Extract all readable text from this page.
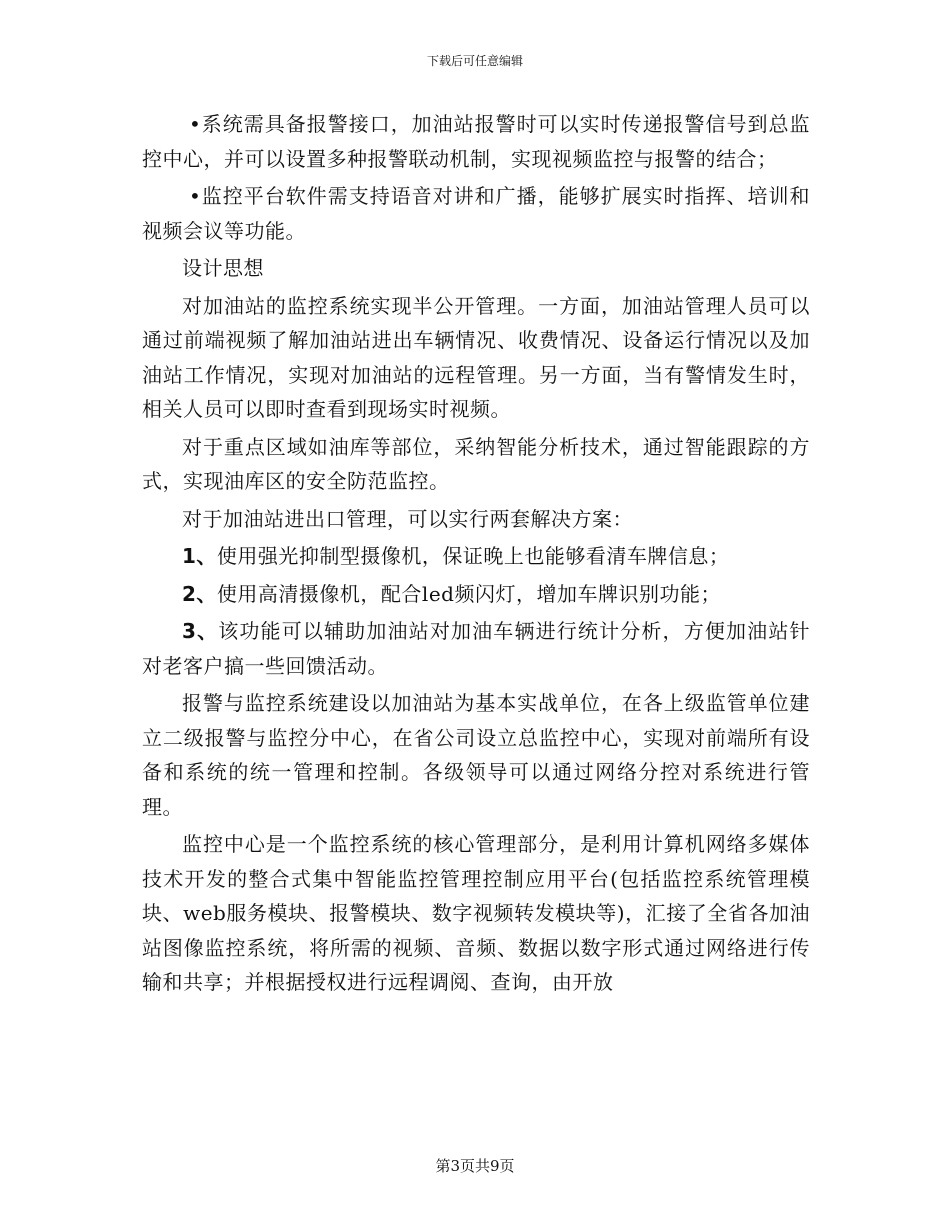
下载后可任意编辑

•系统需具备报警接口，加油站报警时可以实时传递报警信号到总监控中心，并可以设置多种报警联动机制，实现视频监控与报警的结合；

•监控平台软件需支持语音对讲和广播，能够扩展实时指挥、培训和视频会议等功能。

设计思想

对加油站的监控系统实现半公开管理。一方面，加油站管理人员可以通过前端视频了解加油站进出车辆情况、收费情况、设备运行情况以及加油站工作情况，实现对加油站的远程管理。另一方面，当有警情发生时，相关人员可以即时查看到现场实时视频。

对于重点区域如油库等部位，采纳智能分析技术，通过智能跟踪的方式，实现油库区的安全防范监控。

对于加油站进出口管理，可以实行两套解决方案：

1、使用强光抑制型摄像机，保证晚上也能够看清车牌信息；

2、使用高清摄像机，配合led频闪灯，增加车牌识别功能；

3、该功能可以辅助加油站对加油车辆进行统计分析，方便加油站针对老客户搞一些回馈活动。

报警与监控系统建设以加油站为基本实战单位，在各上级监管单位建立二级报警与监控分中心，在省公司设立总监控中心，实现对前端所有设备和系统的统一管理和控制。各级领导可以通过网络分控对系统进行管理。

监控中心是一个监控系统的核心管理部分，是利用计算机网络多媒体技术开发的整合式集中智能监控管理控制应用平台(包括监控系统管理模块、web服务模块、报警模块、数字视频转发模块等)，汇接了全省各加油站图像监控系统，将所需的视频、音频、数据以数字形式通过网络进行传输和共享；并根据授权进行远程调阅、查询，由开放

第3页共9页
